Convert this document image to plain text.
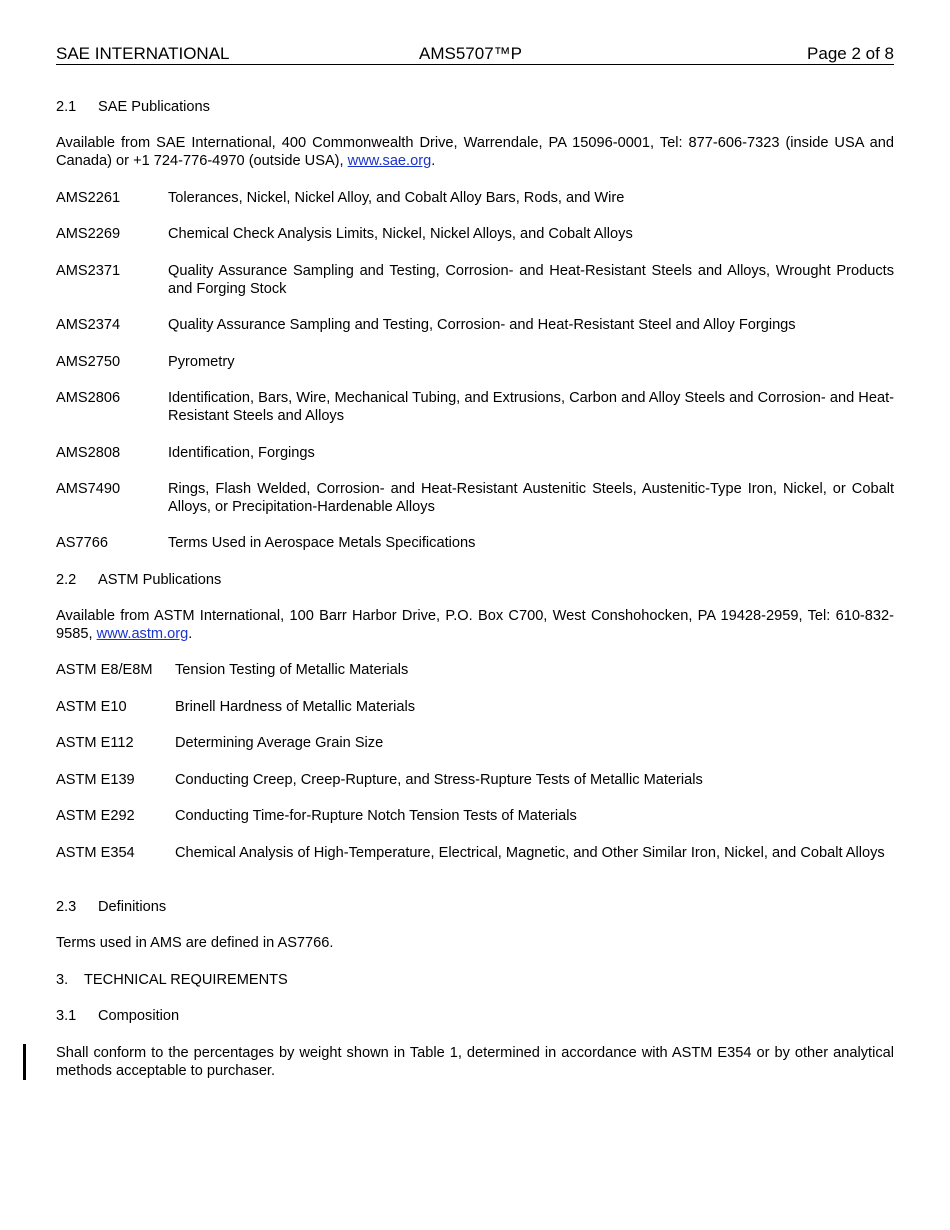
SAE INTERNATIONAL	AMS5707™P	Page 2 of 8
2.1 SAE Publications
Available from SAE International, 400 Commonwealth Drive, Warrendale, PA 15096-0001, Tel: 877-606-7323 (inside USA and Canada) or +1 724-776-4970 (outside USA), www.sae.org.
AMS2261	Tolerances, Nickel, Nickel Alloy, and Cobalt Alloy Bars, Rods, and Wire
AMS2269	Chemical Check Analysis Limits, Nickel, Nickel Alloys, and Cobalt Alloys
AMS2371	Quality Assurance Sampling and Testing, Corrosion- and Heat-Resistant Steels and Alloys, Wrought Products and Forging Stock
AMS2374	Quality Assurance Sampling and Testing, Corrosion- and Heat-Resistant Steel and Alloy Forgings
AMS2750	Pyrometry
AMS2806	Identification, Bars, Wire, Mechanical Tubing, and Extrusions, Carbon and Alloy Steels and Corrosion- and Heat-Resistant Steels and Alloys
AMS2808	Identification, Forgings
AMS7490	Rings, Flash Welded, Corrosion- and Heat-Resistant Austenitic Steels, Austenitic-Type Iron, Nickel, or Cobalt Alloys, or Precipitation-Hardenable Alloys
AS7766	Terms Used in Aerospace Metals Specifications
2.2 ASTM Publications
Available from ASTM International, 100 Barr Harbor Drive, P.O. Box C700, West Conshohocken, PA 19428-2959, Tel: 610-832-9585, www.astm.org.
ASTM E8/E8M Tension Testing of Metallic Materials
ASTM E10	Brinell Hardness of Metallic Materials
ASTM E112	Determining Average Grain Size
ASTM E139	Conducting Creep, Creep-Rupture, and Stress-Rupture Tests of Metallic Materials
ASTM E292	Conducting Time-for-Rupture Notch Tension Tests of Materials
ASTM E354	Chemical Analysis of High-Temperature, Electrical, Magnetic, and Other Similar Iron, Nickel, and Cobalt Alloys
2.3 Definitions
Terms used in AMS are defined in AS7766.
3. TECHNICAL REQUIREMENTS
3.1 Composition
Shall conform to the percentages by weight shown in Table 1, determined in accordance with ASTM E354 or by other analytical methods acceptable to purchaser.
